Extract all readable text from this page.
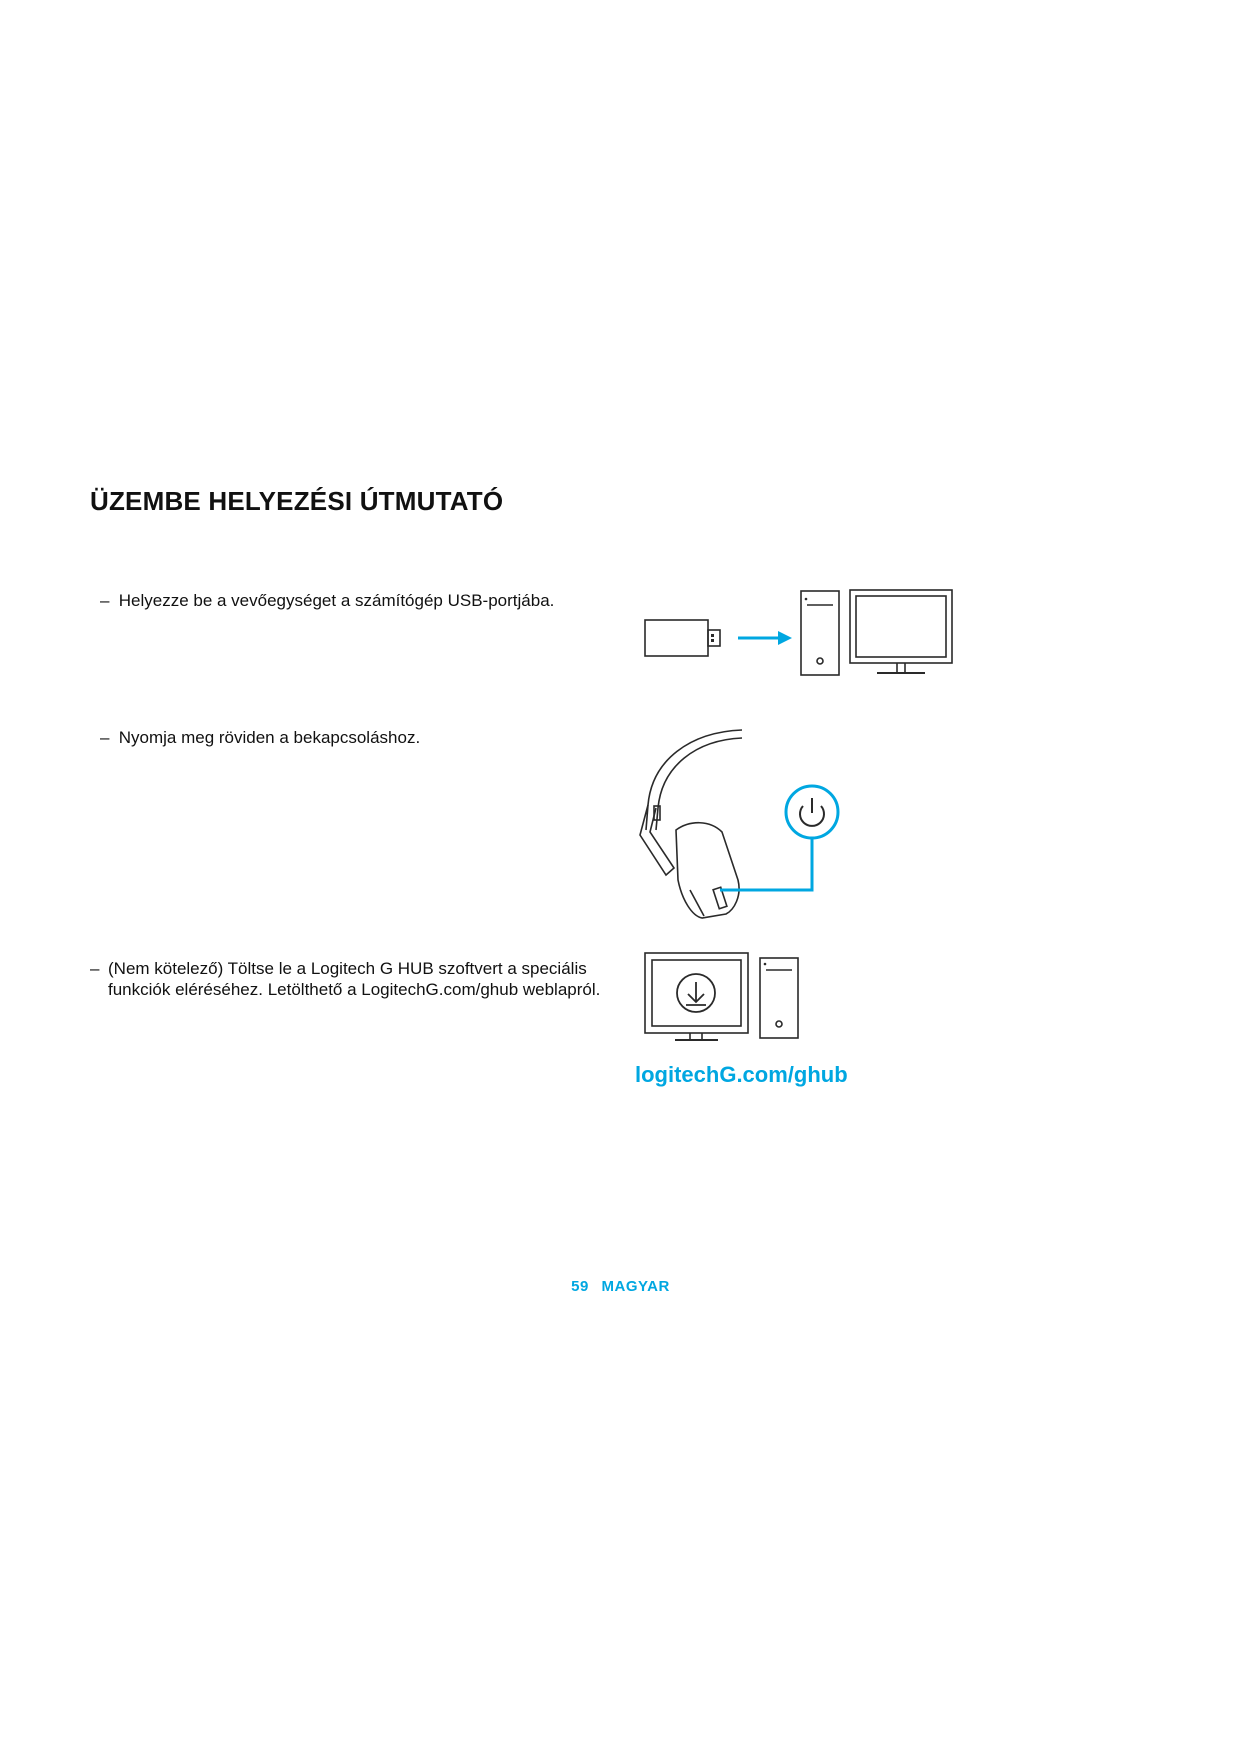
ÜZEMBE HELYEZÉSI ÚTMUTATÓ
– Helyezze be a vevőegységet a számítógép USB-portjába.
– Nyomja meg röviden a bekapcsoláshoz.
– (Nem kötelező) Töltse le a Logitech G HUB szoftvert a speciális funkciók eléréséhez. Letölthető a LogitechG.com/ghub weblapról.
logitechG.com/ghub
59 MAGYAR
